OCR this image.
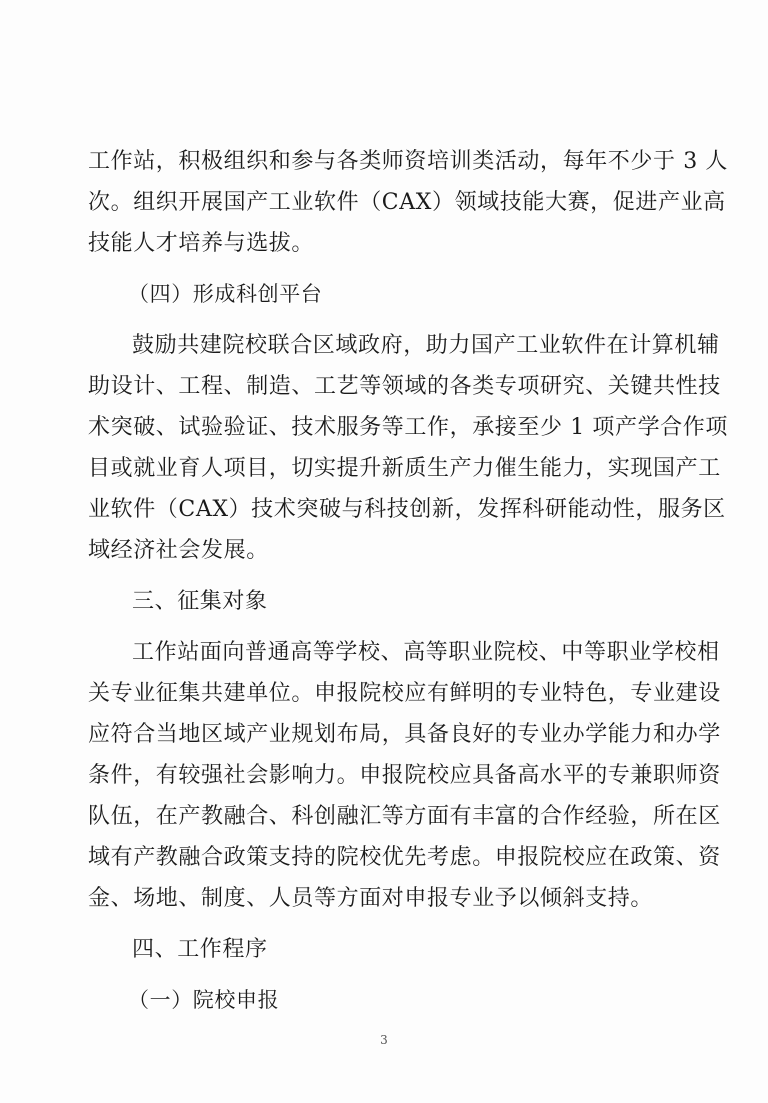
工作站，积极组织和参与各类师资培训类活动，每年不少于 3 人
次。组织开展国产工业软件（CAX）领域技能大赛，促进产业高
技能人才培养与选拔。
（四）形成科创平台
鼓励共建院校联合区域政府，助力国产工业软件在计算机辅
助设计、工程、制造、工艺等领域的各类专项研究、关键共性技
术突破、试验验证、技术服务等工作，承接至少 1 项产学合作项
目或就业育人项目，切实提升新质生产力催生能力，实现国产工
业软件（CAX）技术突破与科技创新，发挥科研能动性，服务区
域经济社会发展。
三、征集对象
工作站面向普通高等学校、高等职业院校、中等职业学校相
关专业征集共建单位。申报院校应有鲜明的专业特色，专业建设
应符合当地区域产业规划布局，具备良好的专业办学能力和办学
条件，有较强社会影响力。申报院校应具备高水平的专兼职师资
队伍，在产教融合、科创融汇等方面有丰富的合作经验，所在区
域有产教融合政策支持的院校优先考虑。申报院校应在政策、资
金、场地、制度、人员等方面对申报专业予以倾斜支持。
四、工作程序
（一）院校申报
3
